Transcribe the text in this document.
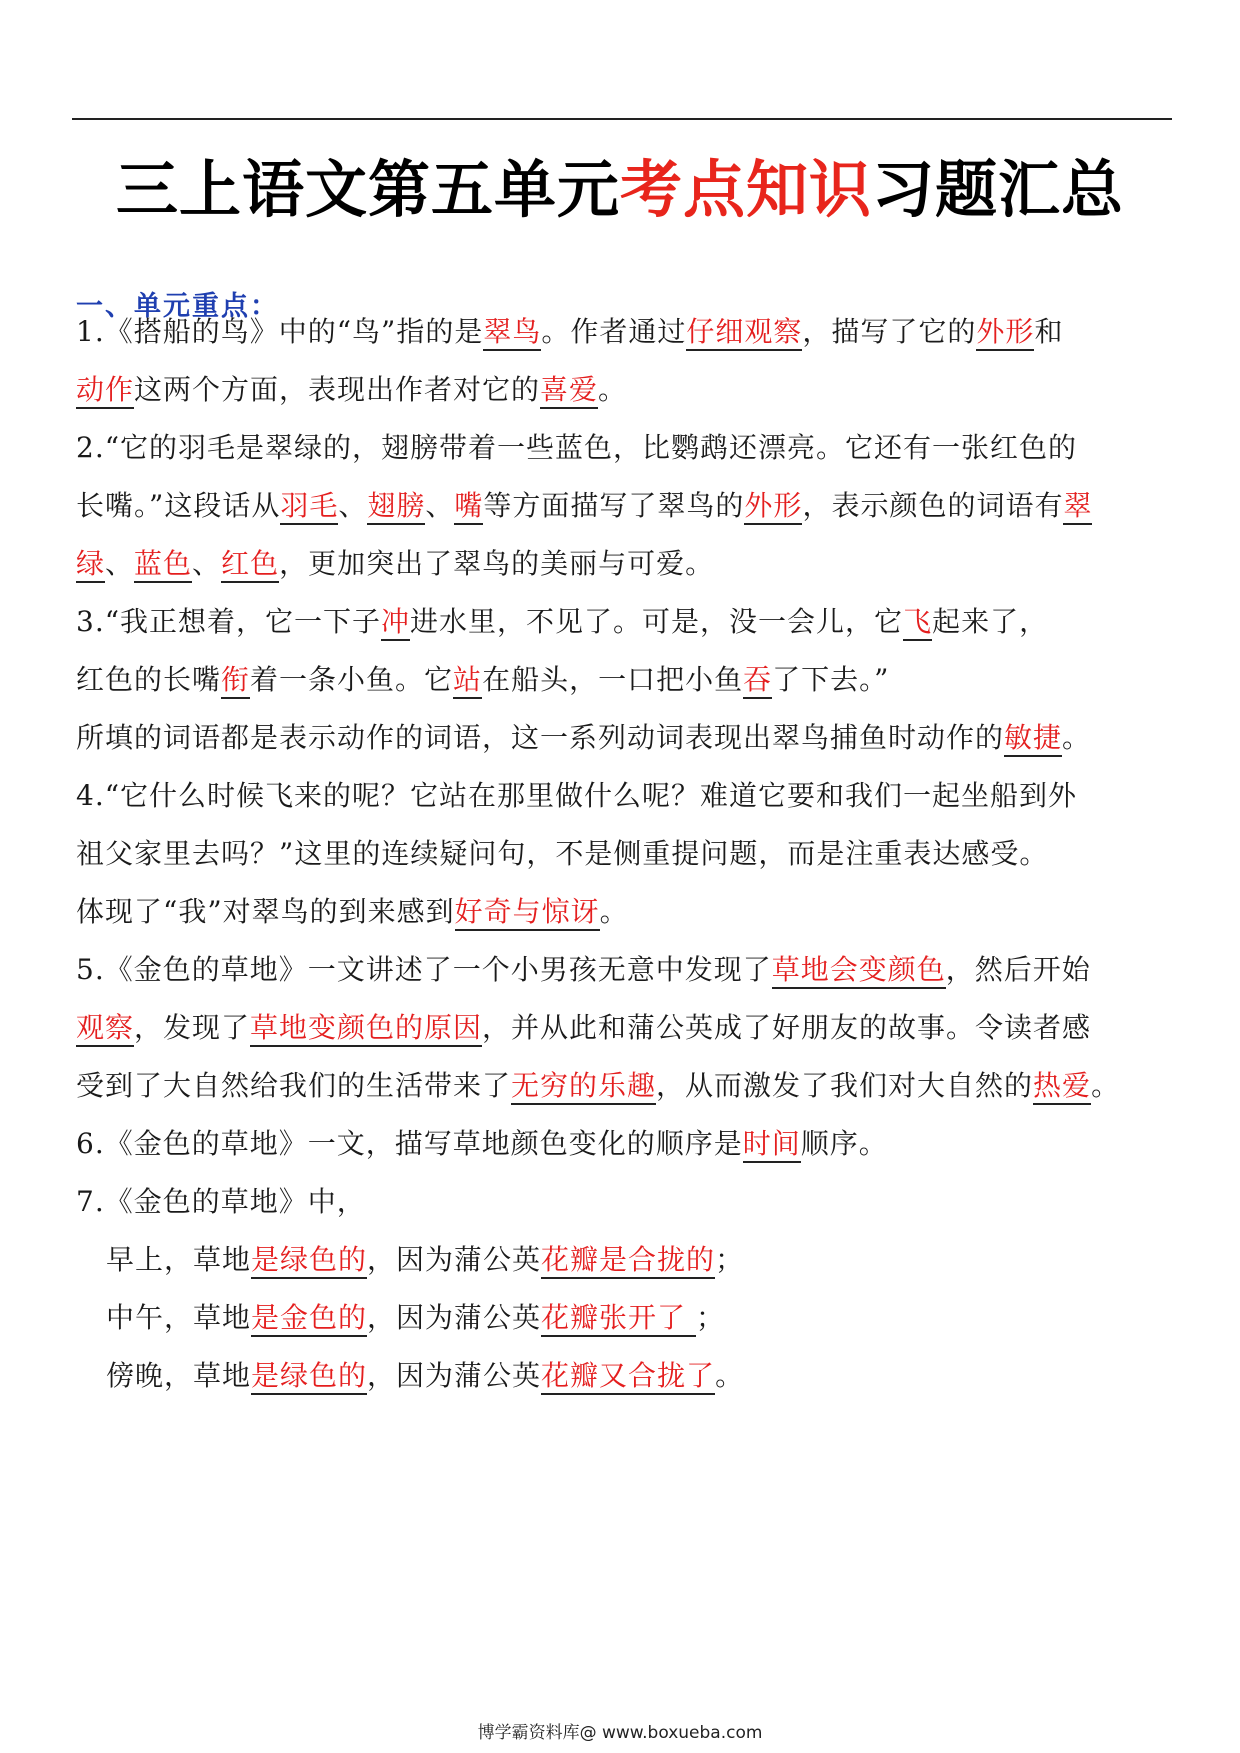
三上语文第五单元考点知识习题汇总
一、单元重点：
1.《搭船的鸟》中的“鸟”指的是翠鸟。作者通过仔细观察，描写了它的外形和
动作这两个方面，表现出作者对它的喜爱。
2.“它的羽毛是翠绿的，翅膀带着一些蓝色，比鹦鹉还漂亮。它还有一张红色的
长嘴。”这段话从羽毛、翅膀、嘴等方面描写了翠鸟的外形，表示颜色的词语有翠
绿、蓝色、红色，更加突出了翠鸟的美丽与可爱。
3.“我正想着，它一下子冲进水里，不见了。可是，没一会儿，它飞起来了，
红色的长嘴衔着一条小鱼。它站在船头，一口把小鱼吞了下去。”
所填的词语都是表示动作的词语，这一系列动词表现出翠鸟捕鱼时动作的敏捷。
4.“它什么时候飞来的呢？它站在那里做什么呢？难道它要和我们一起坐船到外
祖父家里去吗？”这里的连续疑问句，不是侧重提问题，而是注重表达感受。
体现了“我”对翠鸟的到来感到好奇与惊讶。
5.《金色的草地》一文讲述了一个小男孩无意中发现了草地会变颜色，然后开始
观察，发现了草地变颜色的原因，并从此和蒲公英成了好朋友的故事。令读者感
受到了大自然给我们的生活带来了无穷的乐趣，从而激发了我们对大自然的热爱。
6.《金色的草地》一文，描写草地颜色变化的顺序是时间顺序。
7.《金色的草地》中，
早上，草地是绿色的，因为蒲公英花瓣是合拢的；
中午，草地是金色的，因为蒲公英花瓣张开了 ；
傍晚，草地是绿色的，因为蒲公英花瓣又合拢了。
博学霸资料库@ www.boxueba.com
